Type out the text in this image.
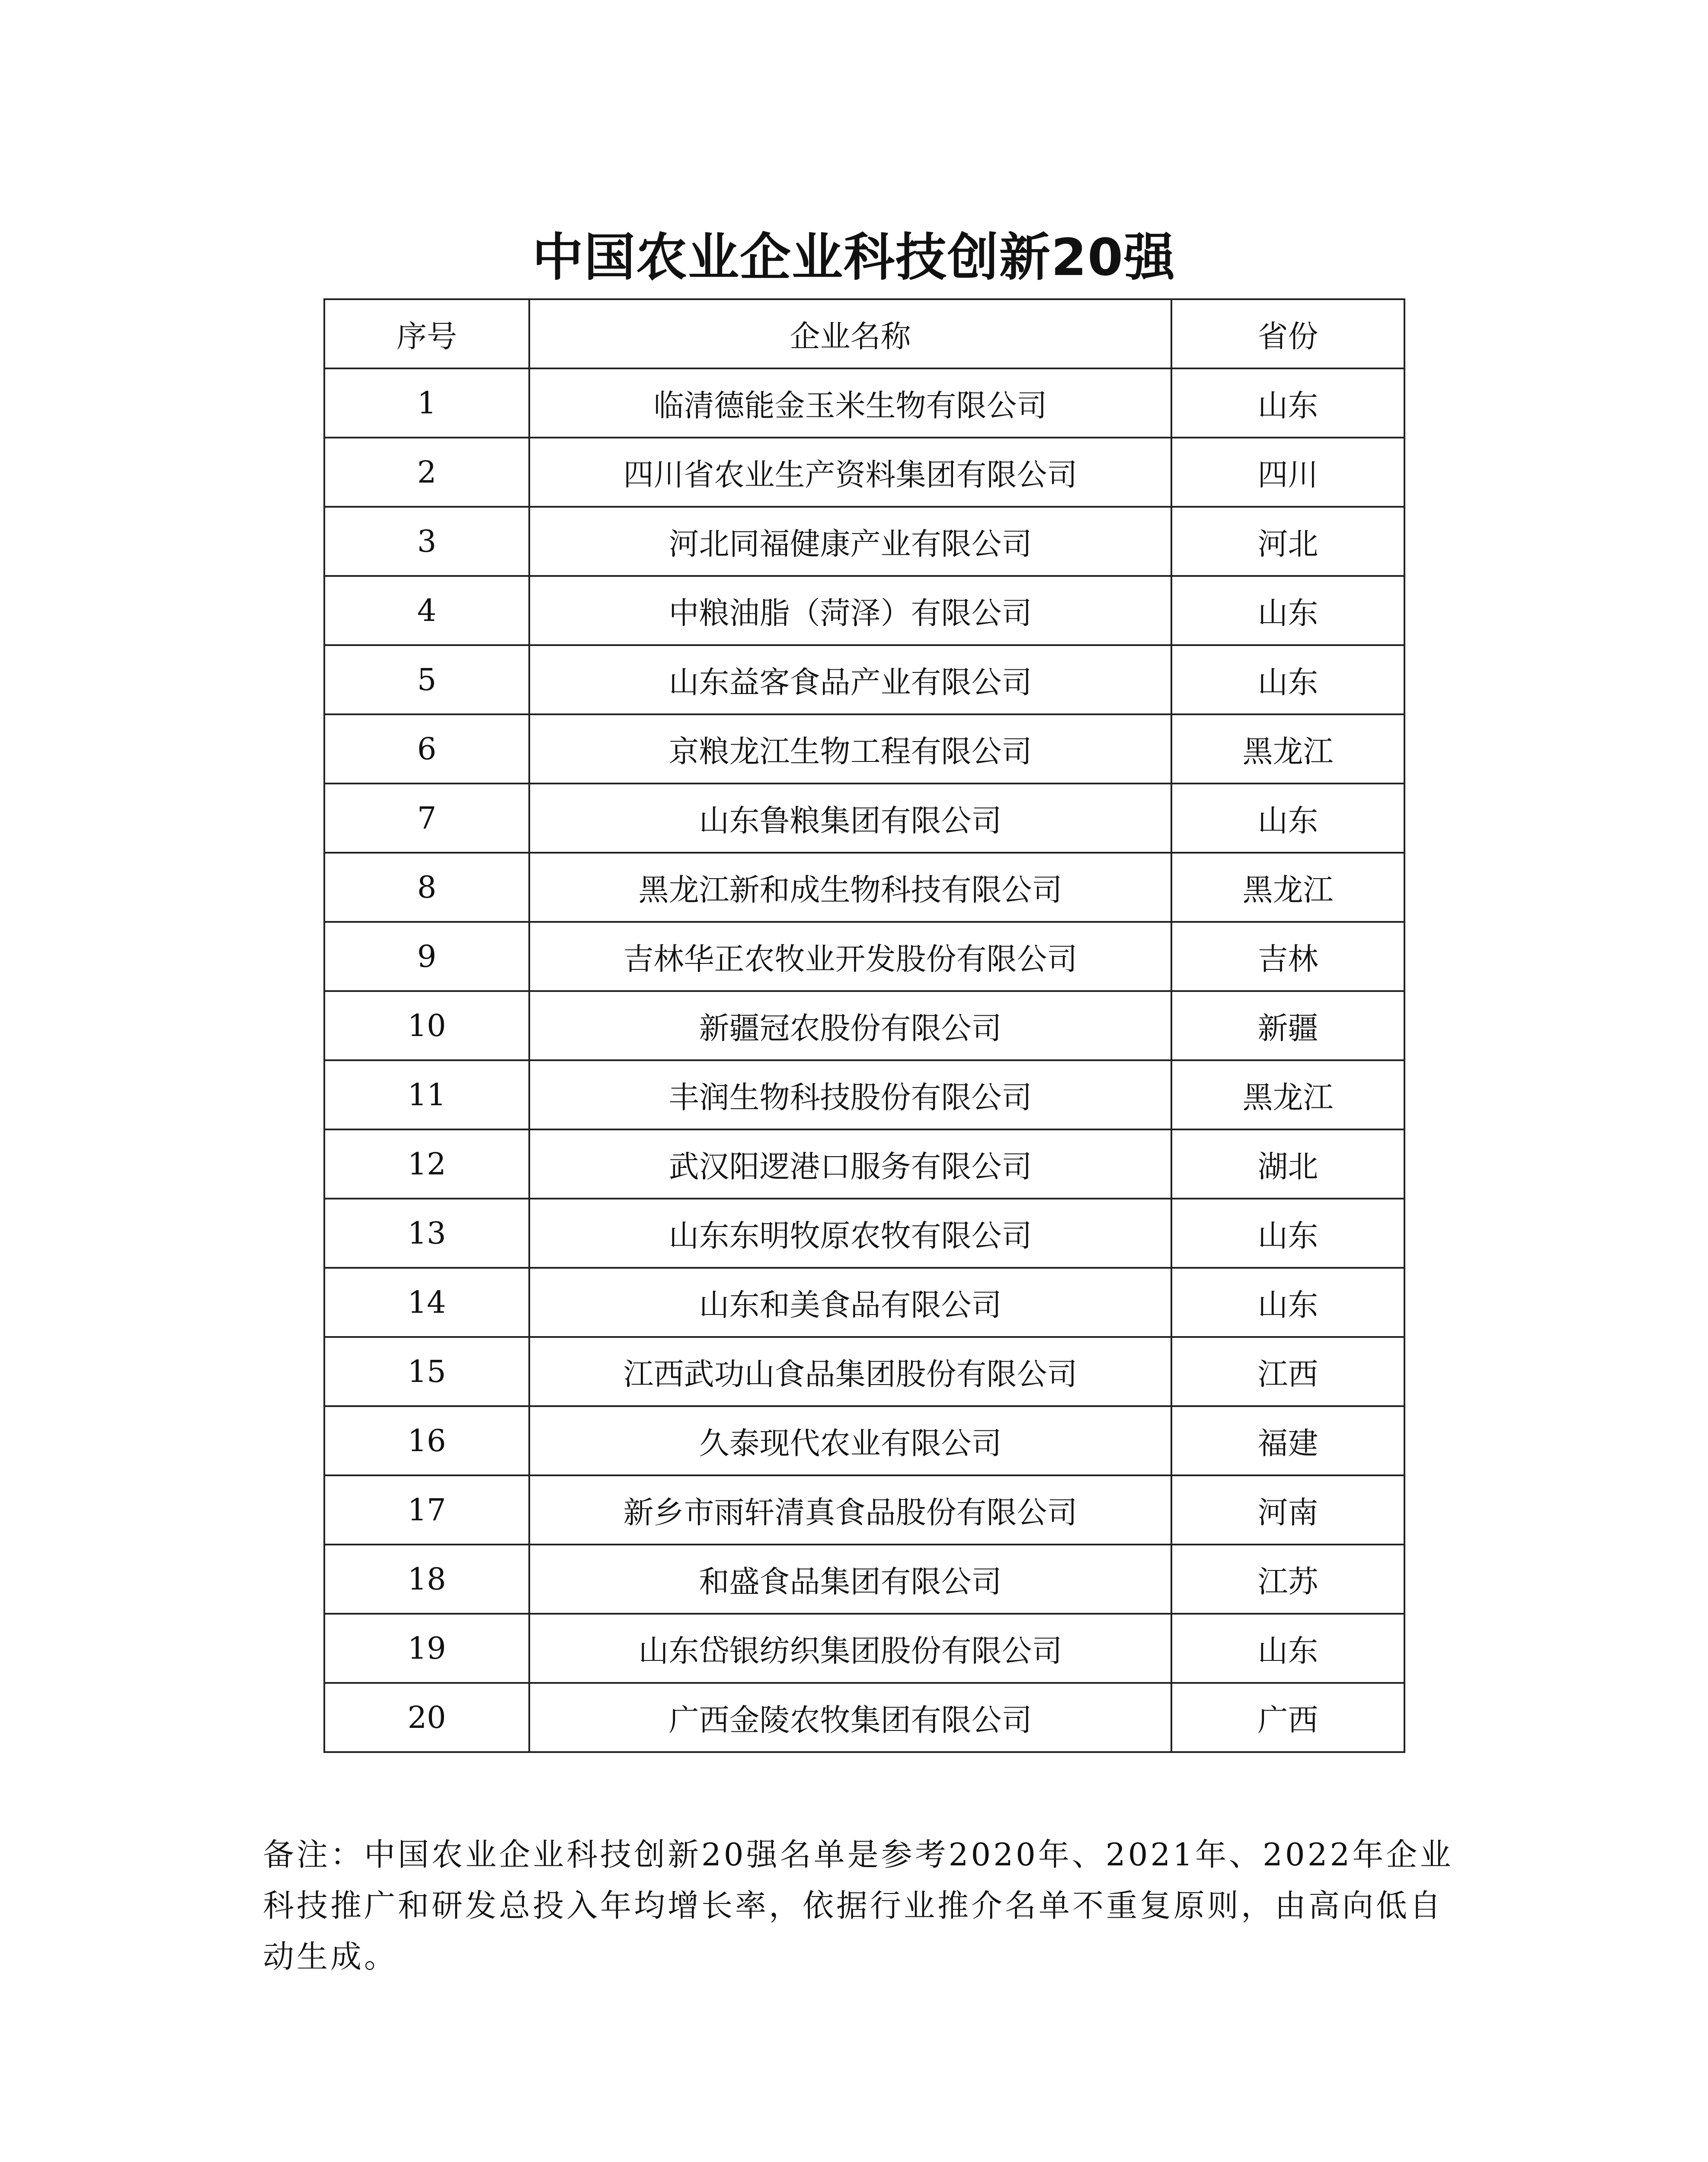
中国农业企业科技创新20强
序号	企业名称	省份
1	临清德能金玉米生物有限公司	山东
2	四川省农业生产资料集团有限公司	四川
3	河北同福健康产业有限公司	河北
4	中粮油脂（菏泽）有限公司	山东
5	山东益客食品产业有限公司	山东
6	京粮龙江生物工程有限公司	黑龙江
7	山东鲁粮集团有限公司	山东
8	黑龙江新和成生物科技有限公司	黑龙江
9	吉林华正农牧业开发股份有限公司	吉林
10	新疆冠农股份有限公司	新疆
11	丰润生物科技股份有限公司	黑龙江
12	武汉阳逻港口服务有限公司	湖北
13	山东东明牧原农牧有限公司	山东
14	山东和美食品有限公司	山东
15	江西武功山食品集团股份有限公司	江西
16	久泰现代农业有限公司	福建
17	新乡市雨轩清真食品股份有限公司	河南
18	和盛食品集团有限公司	江苏
19	山东岱银纺织集团股份有限公司	山东
20	广西金陵农牧集团有限公司	广西

备注：中国农业企业科技创新20强名单是参考2020年、2021年、2022年企业科技推广和研发总投入年均增长率，依据行业推介名单不重复原则，由高向低自动生成。
